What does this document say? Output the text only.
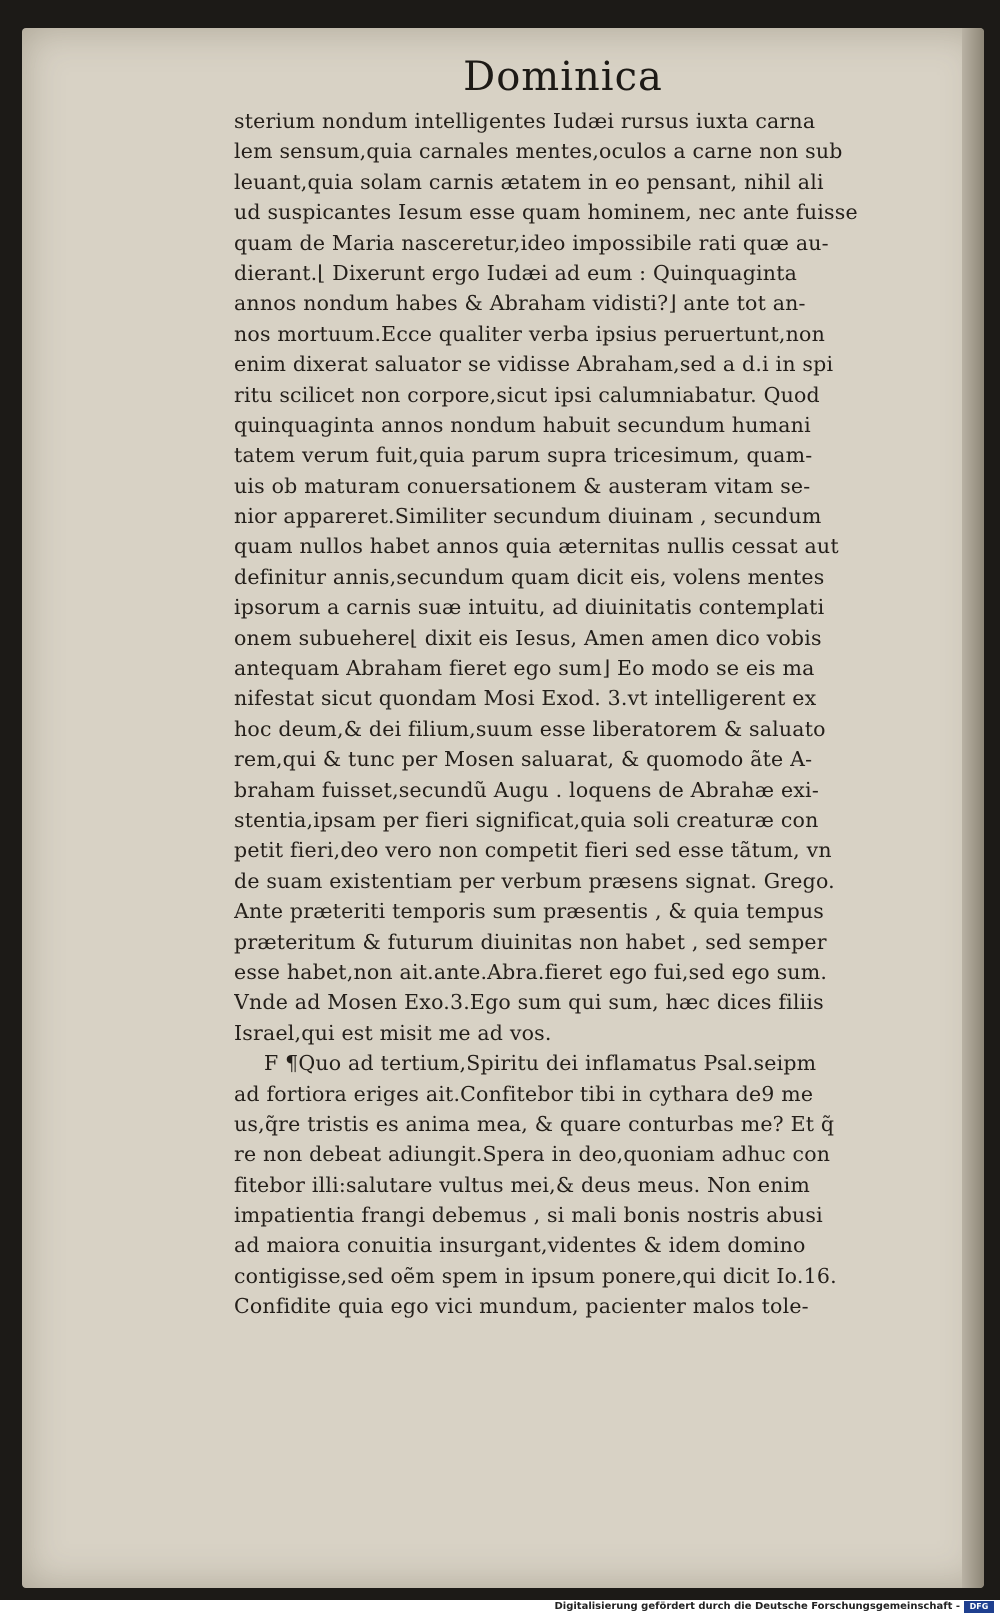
Dominica
sterium nondum intelligentes Iudæi rursus iuxta carna
lem sensum,quia carnales mentes,oculos a carne non sub
leuant,quia solam carnis ætatem in eo pensant, nihil ali
ud suspicantes Iesum esse quam hominem, nec ante fuisse
quam de Maria nasceretur,ideo impossibile rati quæ au-
dierant.⌊ Dixerunt ergo Iudæi ad eum : Quinquaginta
annos nondum habes & Abraham vidisti?⌋ ante tot an-
nos mortuum.Ecce qualiter verba ipsius peruertunt,non
enim dixerat saluator se vidisse Abraham,sed a d.i in spi
ritu scilicet non corpore,sicut ipsi calumniabatur. Quod
quinquaginta annos nondum habuit secundum humani
tatem verum fuit,quia parum supra tricesimum, quam-
uis ob maturam conuersationem & austeram vitam se-
nior appareret.Similiter secundum diuinam , secundum
quam nullos habet annos quia æternitas nullis cessat aut
definitur annis,secundum quam dicit eis, volens mentes
ipsorum a carnis suæ intuitu, ad diuinitatis contemplati
onem subuehere⌊ dixit eis Iesus, Amen amen dico vobis
antequam Abraham fieret ego sum⌋ Eo modo se eis ma
nifestat sicut quondam Mosi Exod. 3.vt intelligerent ex
hoc deum,& dei filium,suum esse liberatorem & saluato
rem,qui & tunc per Mosen saluarat, & quomodo ãte A-
braham fuisset,secundũ Augu . loquens de Abrahæ exi-
stentia,ipsam per fieri significat,quia soli creaturæ con
petit fieri,deo vero non competit fieri sed esse tãtum, vn
de suam existentiam per verbum præsens signat. Grego.
Ante præteriti temporis sum præsentis , & quia tempus
præteritum & futurum diuinitas non habet , sed semper
esse habet,non ait.ante.Abra.fieret ego fui,sed ego sum.
Vnde ad Mosen Exo.3.Ego sum qui sum, hæc dices filiis
Israel,qui est misit me ad vos.
F ¶Quo ad tertium,Spiritu dei inflamatus Psal.seipm
ad fortiora eriges ait.Confitebor tibi in cythara de9 me
us,q̃re tristis es anima mea, & quare conturbas me? Et q̃
re non debeat adiungit.Spera in deo,quoniam adhuc con
fitebor illi:salutare vultus mei,& deus meus. Non enim
impatientia frangi debemus , si mali bonis nostris abusi
ad maiora conuitia insurgant,videntes & idem domino
contigisse,sed oẽm spem in ipsum ponere,qui dicit Io.16.
Confidite quia ego vici mundum, pacienter malos tole-
Digitalisierung gefördert durch die Deutsche Forschungsgemeinschaft -	DFG
